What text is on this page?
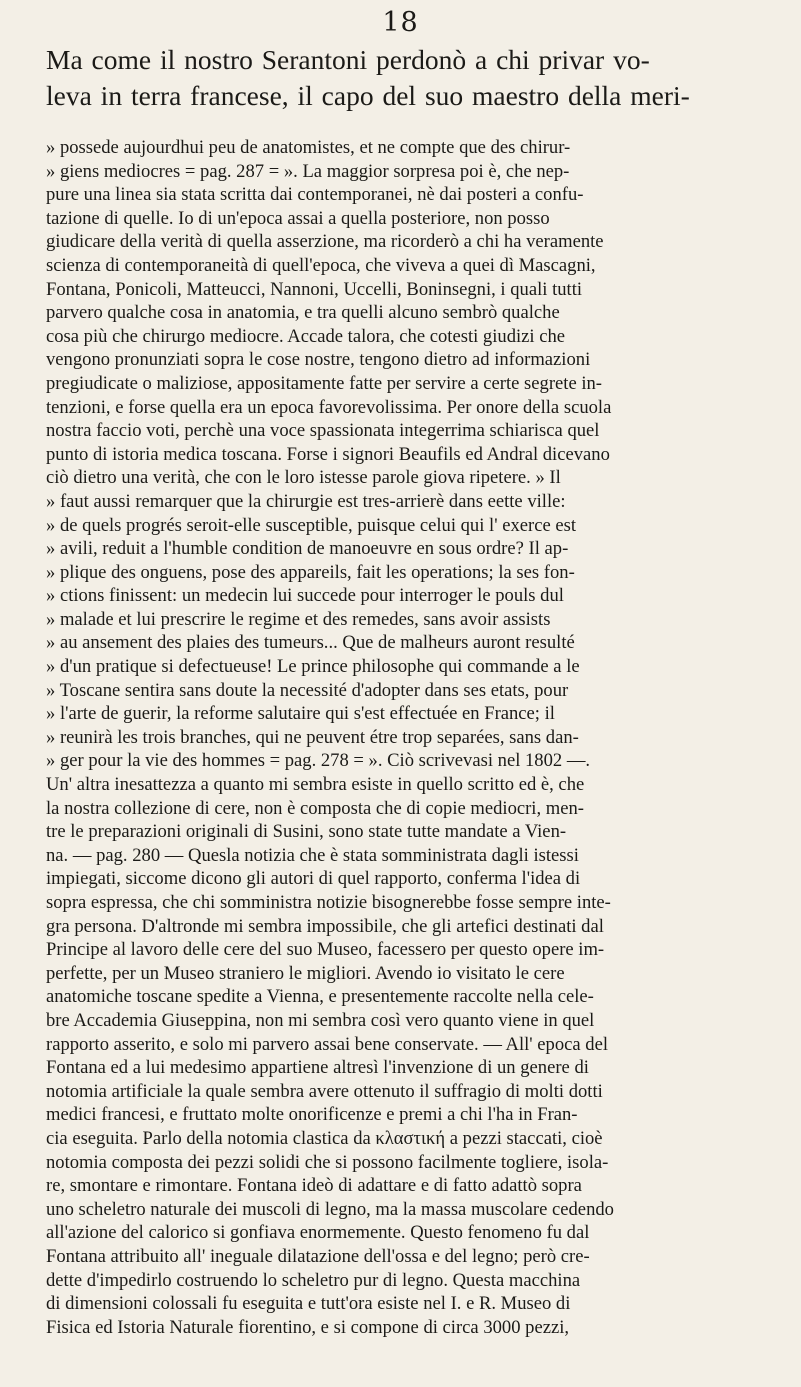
18
Ma come il nostro Serantoni perdonò a chi privar vo-
leva in terra francese, il capo del suo maestro della meri-
» possede aujourdhui peu de anatomistes, et ne compte que des chirur-
» giens mediocres = pag. 287 = ». La maggior sorpresa poi è, che nep-
pure una linea sia stata scritta dai contemporanei, nè dai posteri a confu-
tazione di quelle. Io di un'epoca assai a quella posteriore, non posso
giudicare della verità di quella asserzione, ma ricorderò a chi ha veramente
scienza di contemporaneità di quell'epoca, che viveva a quei dì Mascagni,
Fontana, Ponicoli, Matteucci, Nannoni, Uccelli, Boninsegni, i quali tutti
parvero qualche cosa in anatomia, e tra quelli alcuno sembrò qualche
cosa più che chirurgo mediocre. Accade talora, che cotesti giudizi che
vengono pronunziati sopra le cose nostre, tengono dietro ad informazioni
pregiudicate o maliziose, appositamente fatte per servire a certe segrete in-
tenzioni, e forse quella era un epoca favorevolissima. Per onore della scuola
nostra faccio voti, perchè una voce spassionata integerrima schiarisca quel
punto di istoria medica toscana. Forse i signori Beaufils ed Andral dicevano
ciò dietro una verità, che con le loro istesse parole giova ripetere. » Il
» faut aussi remarquer que la chirurgie est tres-arrierè dans eette ville:
» de quels progrés seroit-elle susceptible, puisque celui qui l' exerce est
» avili, reduit a l'humble condition de manoeuvre en sous ordre? Il ap-
» plique des onguens, pose des appareils, fait les operations; la ses fon-
» ctions finissent: un medecin lui succede pour interroger le pouls dul
» malade et lui prescrire le regime et des remedes, sans avoir assists
» au ansement des plaies des tumeurs... Que de malheurs auront resulté
» d'un pratique si defectueuse! Le prince philosophe qui commande a le
» Toscane sentira sans doute la necessité d'adopter dans ses etats, pour
» l'arte de guerir, la reforme salutaire qui s'est effectuée en France; il
» reunirà les trois branches, qui ne peuvent étre trop separées, sans dan-
» ger pour la vie des hommes = pag. 278 = ». Ciò scrivevasi nel 1802 —.
Un' altra inesattezza a quanto mi sembra esiste in quello scritto ed è, che
la nostra collezione di cere, non è composta che di copie mediocri, men-
tre le preparazioni originali di Susini, sono state tutte mandate a Vien-
na. — pag. 280 — Quesla notizia che è stata somministrata dagli istessi
impiegati, siccome dicono gli autori di quel rapporto, conferma l'idea di
sopra espressa, che chi somministra notizie bisognerebbe fosse sempre inte-
gra persona. D'altronde mi sembra impossibile, che gli artefici destinati dal
Principe al lavoro delle cere del suo Museo, facessero per questo opere im-
perfette, per un Museo straniero le migliori. Avendo io visitato le cere
anatomiche toscane spedite a Vienna, e presentemente raccolte nella cele-
bre Accademia Giuseppina, non mi sembra così vero quanto viene in quel
rapporto asserito, e solo mi parvero assai bene conservate. — All' epoca del
Fontana ed a lui medesimo appartiene altresì l'invenzione di un genere di
notomia artificiale la quale sembra avere ottenuto il suffragio di molti dotti
medici francesi, e fruttato molte onorificenze e premi a chi l'ha in Fran-
cia eseguita. Parlo della notomia clastica da κλαστική a pezzi staccati, cioè
notomia composta dei pezzi solidi che si possono facilmente togliere, isola-
re, smontare e rimontare. Fontana ideò di adattare e di fatto adattò sopra
uno scheletro naturale dei muscoli di legno, ma la massa muscolare cedendo
all'azione del calorico si gonfiava enormemente. Questo fenomeno fu dal
Fontana attribuito all' ineguale dilatazione dell'ossa e del legno; però cre-
dette d'impedirlo costruendo lo scheletro pur di legno. Questa macchina
di dimensioni colossali fu eseguita e tutt'ora esiste nel I. e R. Museo di
Fisica ed Istoria Naturale fiorentino, e si compone di circa 3000 pezzi,
